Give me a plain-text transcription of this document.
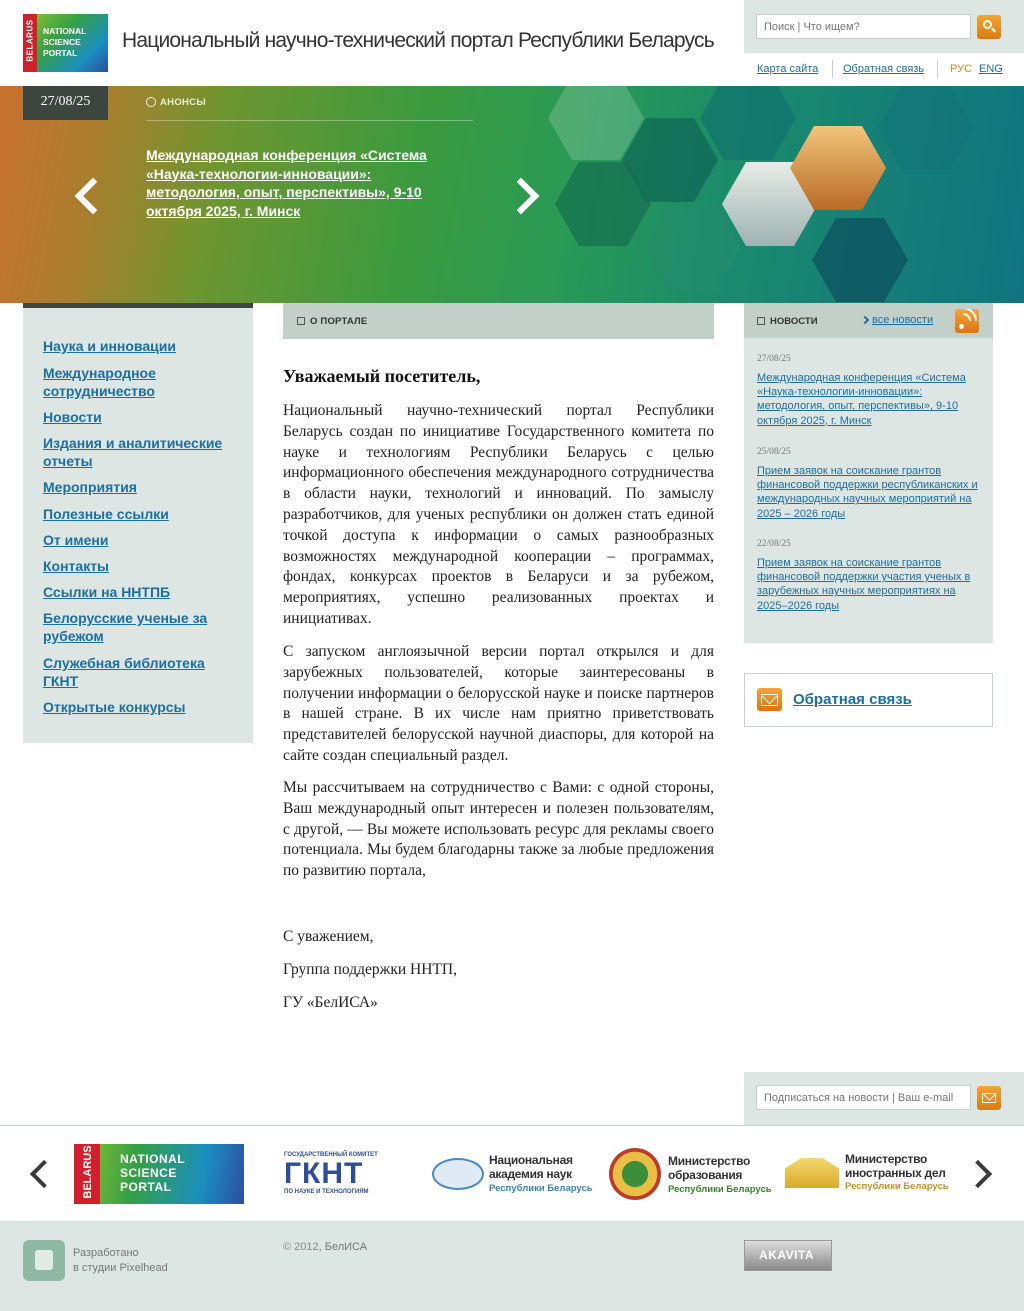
BELARUS NATIONAL
SCIENCE
PORTAL
Национальный научно-технический портал Республики Беларусь
Поиск | Что ищем?
Карта сайта Обратная связь РУС ENG
27/08/25	АНОНСЫ
Международная конференция «Система «Наука-технологии-инновации»: методология, опыт, перспективы», 9-10 октября 2025, г. Минск
Наука и инновации
Международное сотрудничество
Новости
Издания и аналитические отчеты
Мероприятия
Полезные ссылки
От имени
Контакты
Ссылки на ННТПБ
Белорусские ученые за рубежом
Служебная библиотека ГКНТ
Открытые конкурсы
О ПОРТАЛЕ
Уважаемый посетитель,
Национальный научно-технический портал Республики Беларусь создан по инициативе Государственного комитета по науке и технологиям Республики Беларусь с целью информационного обеспечения международного сотрудничества в области науки, технологий и инноваций. По замыслу разработчиков, для ученых республики он должен стать единой точкой доступа к информации о самых разнообразных возможностях международной кооперации – программах, фондах, конкурсах проектов в Беларуси и за рубежом, мероприятиях, успешно реализованных проектах и инициативах.
С запуском англоязычной версии портал открылся и для зарубежных пользователей, которые заинтересованы в получении информации о белорусской науке и поиске партнеров в нашей стране. В их числе нам приятно приветствовать представителей белорусской научной диаспоры, для которой на сайте создан специальный раздел.
Мы рассчитываем на сотрудничество с Вами: с одной стороны, Ваш международный опыт интересен и полезен пользователям, с другой, — Вы можете использовать ресурс для рекламы своего потенциала. Мы будем благодарны также за любые предложения по развитию портала,
С уважением,
Группа поддержки ННТП,
ГУ «БелИСА»
НОВОСТИ	все новости
27/08/25
Международная конференция «Система «Наука-технологии-инновации»: методология, опыт, перспективы», 9-10 октября 2025, г. Минск
25/08/25
Прием заявок на соискание грантов финансовой поддержки республиканских и международных научных мероприятий на 2025 – 2026 годы
22/08/25
Прием заявок на соискание грантов финансовой поддержки участия ученых в зарубежных научных мероприятиях на 2025–2026 годы
Обратная связь
Подписаться на новости | Ваш e-mail
BELARUS NATIONAL
SCIENCE
PORTAL
ГОСУДАРСТВЕННЫЙ КОМИТЕТ
ГКНТ
ПО НАУКЕ И ТЕХНОЛОГИЯМ
Национальная
академия наук
Республики Беларусь
Министерство
образования
Республики Беларусь
Министерство
иностранных дел
Республики Беларусь
Разработано
в студии Pixelhead
© 2012, БелИСА
AKAVITA
